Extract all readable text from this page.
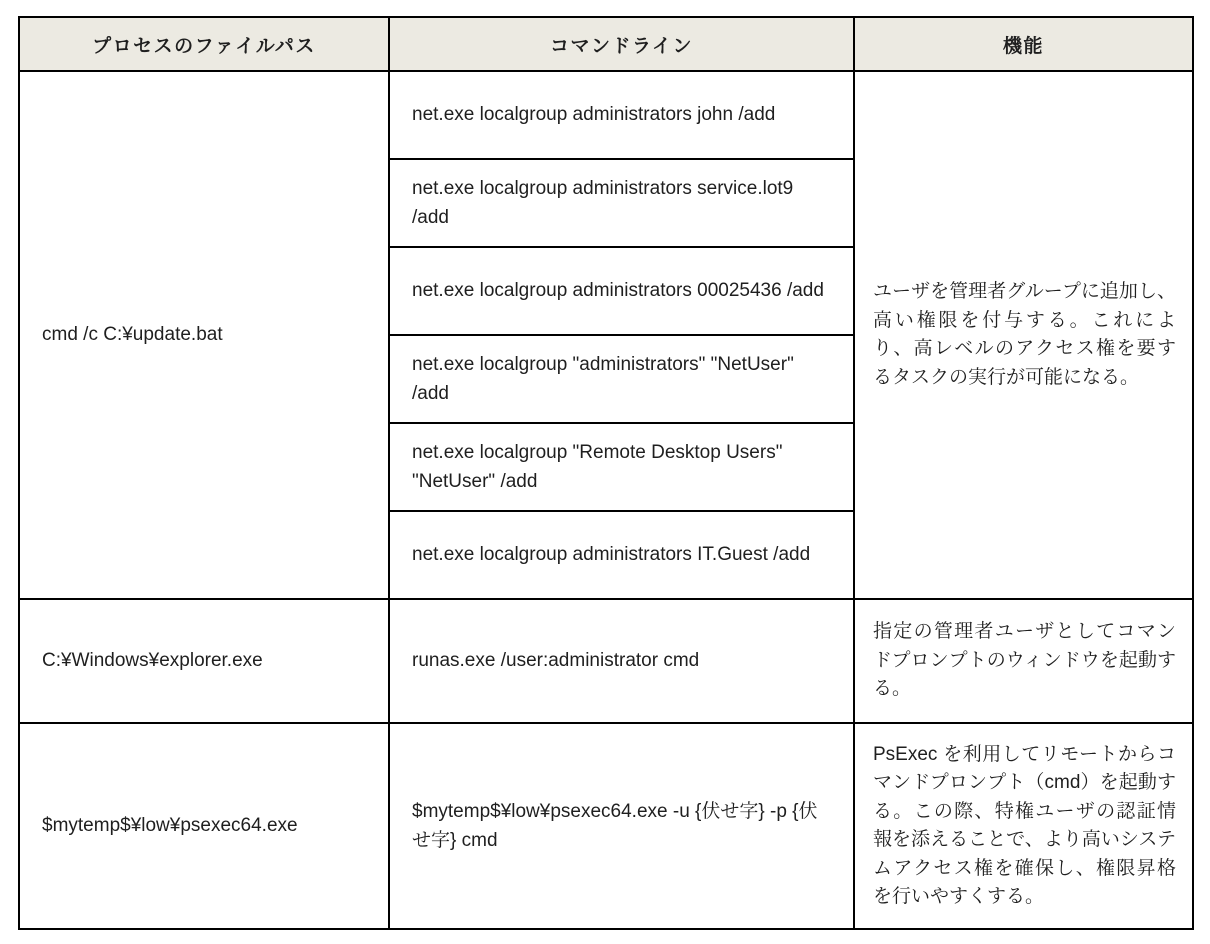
プロセスのファイルパス	コマンドライン	機能
cmd /c C:¥update.bat	net.exe localgroup administrators john /add	ユーザを管理者グループに追加し、高い権限を付与する。これにより、高レベルのアクセス権を要するタスクの実行が可能になる。
	net.exe localgroup administrators service.lot9 /add	
	net.exe localgroup administrators 00025436 /add	
	net.exe localgroup "administrators" "NetUser" /add	
	net.exe localgroup "Remote Desktop Users" "NetUser" /add	
	net.exe localgroup administrators IT.Guest /add	
C:¥Windows¥explorer.exe	runas.exe /user:administrator cmd	指定の管理者ユーザとしてコマンドプロンプトのウィンドウを起動する。
$mytemp$¥low¥psexec64.exe	$mytemp$¥low¥psexec64.exe -u {伏せ字} -p {伏せ字} cmd	PsExec を利用してリモートからコマンドプロンプト（cmd）を起動する。この際、特権ユーザの認証情報を添えることで、より高いシステムアクセス権を確保し、権限昇格を行いやすくする。
